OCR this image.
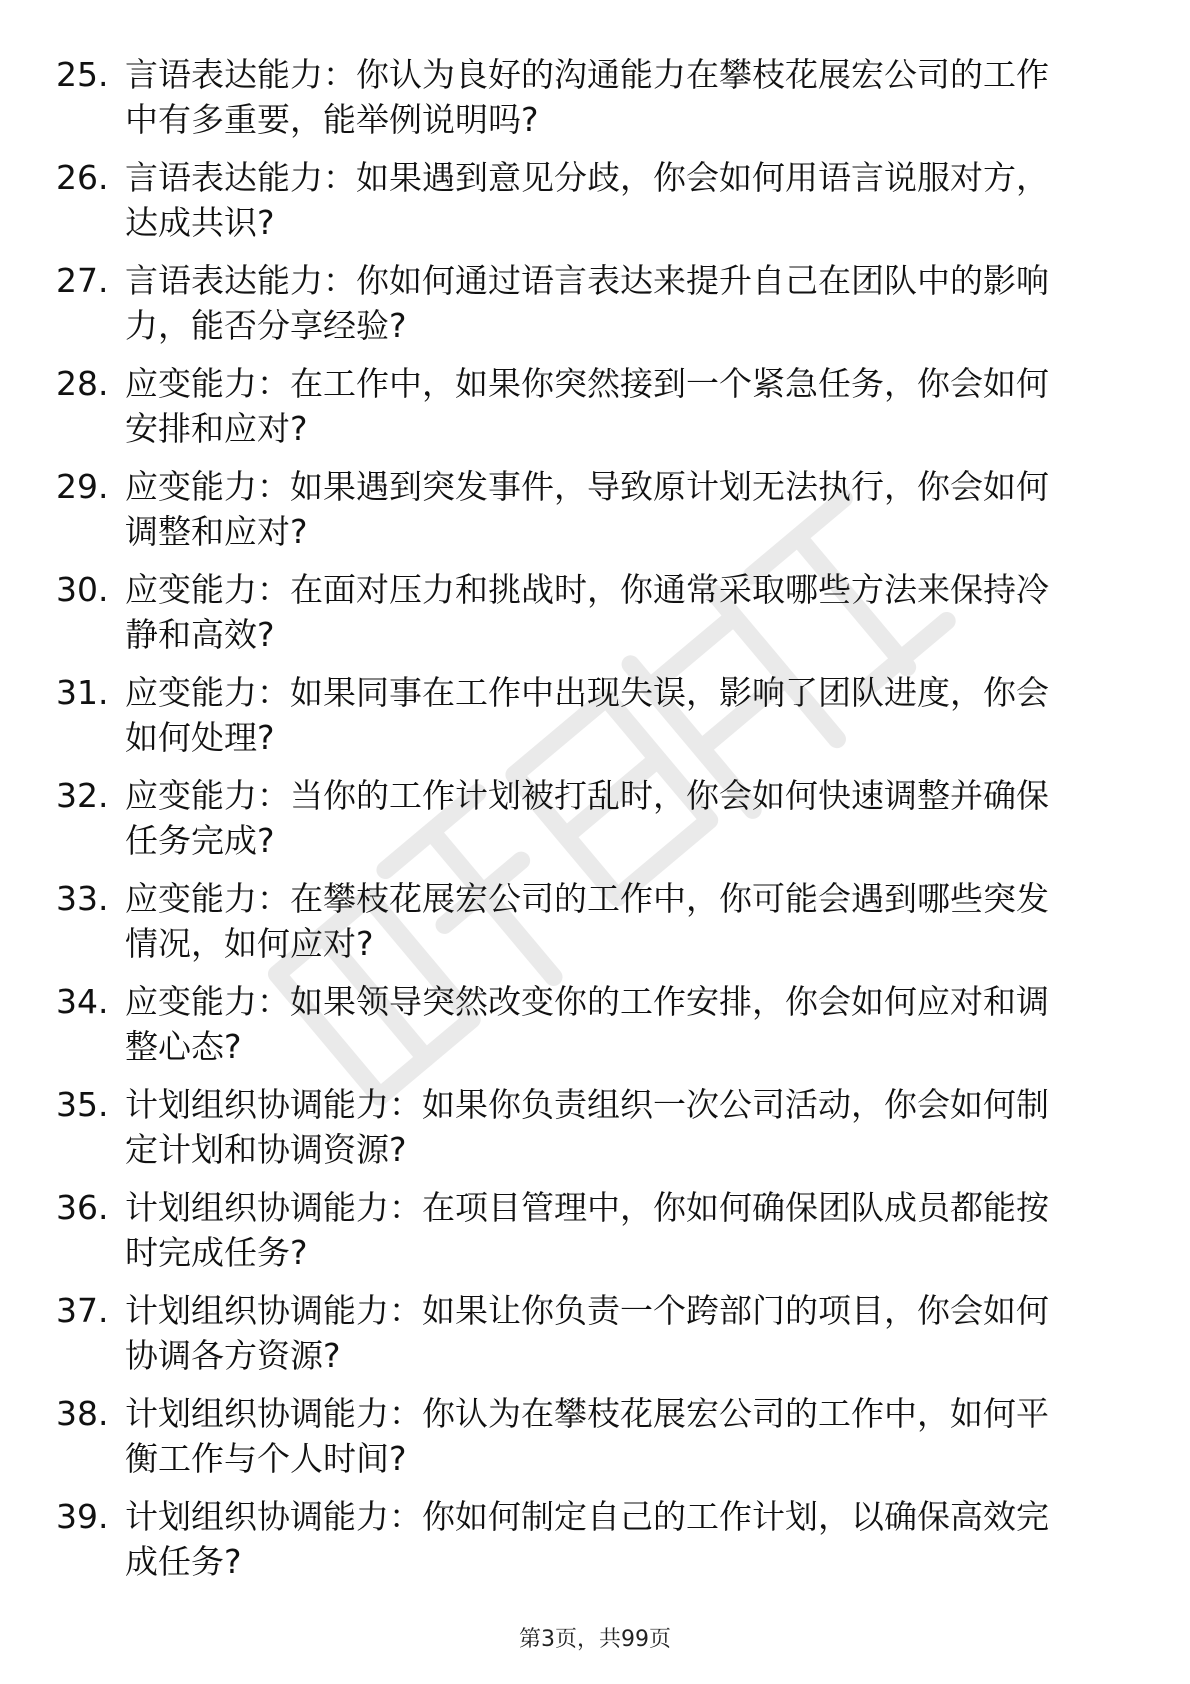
25. 言语表达能力：你认为良好的沟通能力在攀枝花展宏公司的工作
中有多重要，能举例说明吗?
26. 言语表达能力：如果遇到意见分歧，你会如何用语言说服对方，
达成共识?
27. 言语表达能力：你如何通过语言表达来提升自己在团队中的影响
力，能否分享经验?
28. 应变能力：在工作中，如果你突然接到一个紧急任务，你会如何
安排和应对?
29. 应变能力：如果遇到突发事件，导致原计划无法执行，你会如何
调整和应对?
30. 应变能力：在面对压力和挑战时，你通常采取哪些方法来保持冷
静和高效?
31. 应变能力：如果同事在工作中出现失误，影响了团队进度，你会
如何处理?
32. 应变能力：当你的工作计划被打乱时，你会如何快速调整并确保
任务完成?
33. 应变能力：在攀枝花展宏公司的工作中，你可能会遇到哪些突发
情况，如何应对?
34. 应变能力：如果领导突然改变你的工作安排，你会如何应对和调
整心态?
35. 计划组织协调能力：如果你负责组织一次公司活动，你会如何制
定计划和协调资源?
36. 计划组织协调能力：在项目管理中，你如何确保团队成员都能按
时完成任务?
37. 计划组织协调能力：如果让你负责一个跨部门的项目，你会如何
协调各方资源?
38. 计划组织协调能力：你认为在攀枝花展宏公司的工作中，如何平
衡工作与个人时间?
39. 计划组织协调能力：你如何制定自己的工作计划，以确保高效完
成任务?
第3页，共99页
